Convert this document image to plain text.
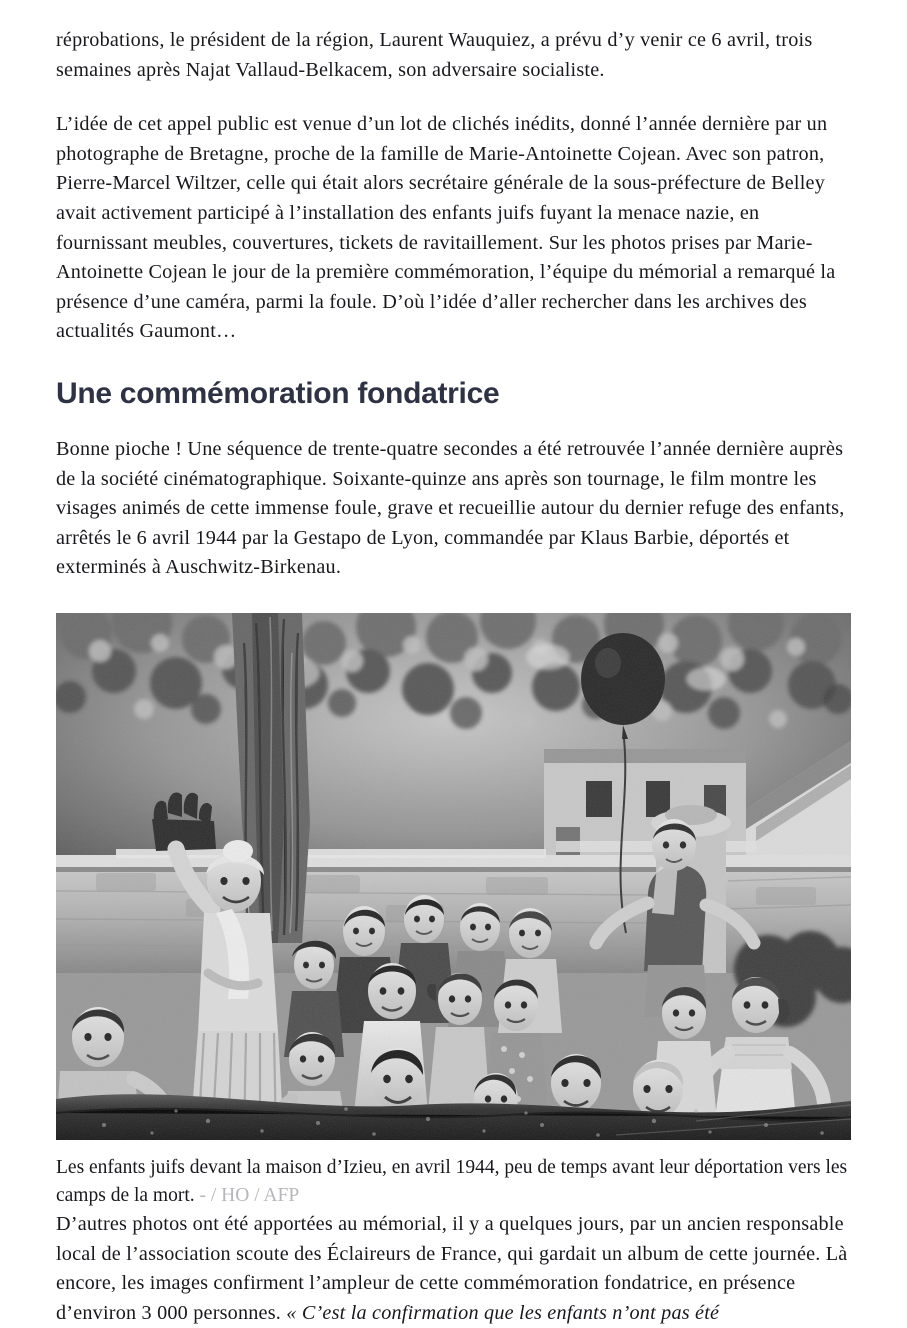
réprobations, le président de la région, Laurent Wauquiez, a prévu d’y venir ce 6 avril, trois semaines après Najat Vallaud-Belkacem, son adversaire socialiste.

L’idée de cet appel public est venue d’un lot de clichés inédits, donné l’année dernière par un photographe de Bretagne, proche de la famille de Marie-Antoinette Cojean. Avec son patron, Pierre-Marcel Wiltzer, celle qui était alors secrétaire générale de la sous-préfecture de Belley avait activement participé à l’installation des enfants juifs fuyant la menace nazie, en fournissant meubles, couvertures, tickets de ravitaillement. Sur les photos prises par Marie-Antoinette Cojean le jour de la première commémoration, l’équipe du mémorial a remarqué la présence d’une caméra, parmi la foule. D’où l’idée d’aller rechercher dans les archives des actualités Gaumont…

Une commémoration fondatrice

Bonne pioche ! Une séquence de trente-quatre secondes a été retrouvée l’année dernière auprès de la société cinématographique. Soixante-quinze ans après son tournage, le film montre les visages animés de cette immense foule, grave et recueillie autour du dernier refuge des enfants, arrêtés le 6 avril 1944 par la Gestapo de Lyon, commandée par Klaus Barbie, déportés et exterminés à Auschwitz-Birkenau.

Les enfants juifs devant la maison d’Izieu, en avril 1944, peu de temps avant leur déportation vers les camps de la mort. - / HO / AFP

D’autres photos ont été apportées au mémorial, il y a quelques jours, par un ancien responsable local de l’association scoute des Éclaireurs de France, qui gardait un album de cette journée. Là encore, les images confirment l’ampleur de cette commémoration fondatrice, en présence d’environ 3 000 personnes. « C’est la confirmation que les enfants n’ont pas été
